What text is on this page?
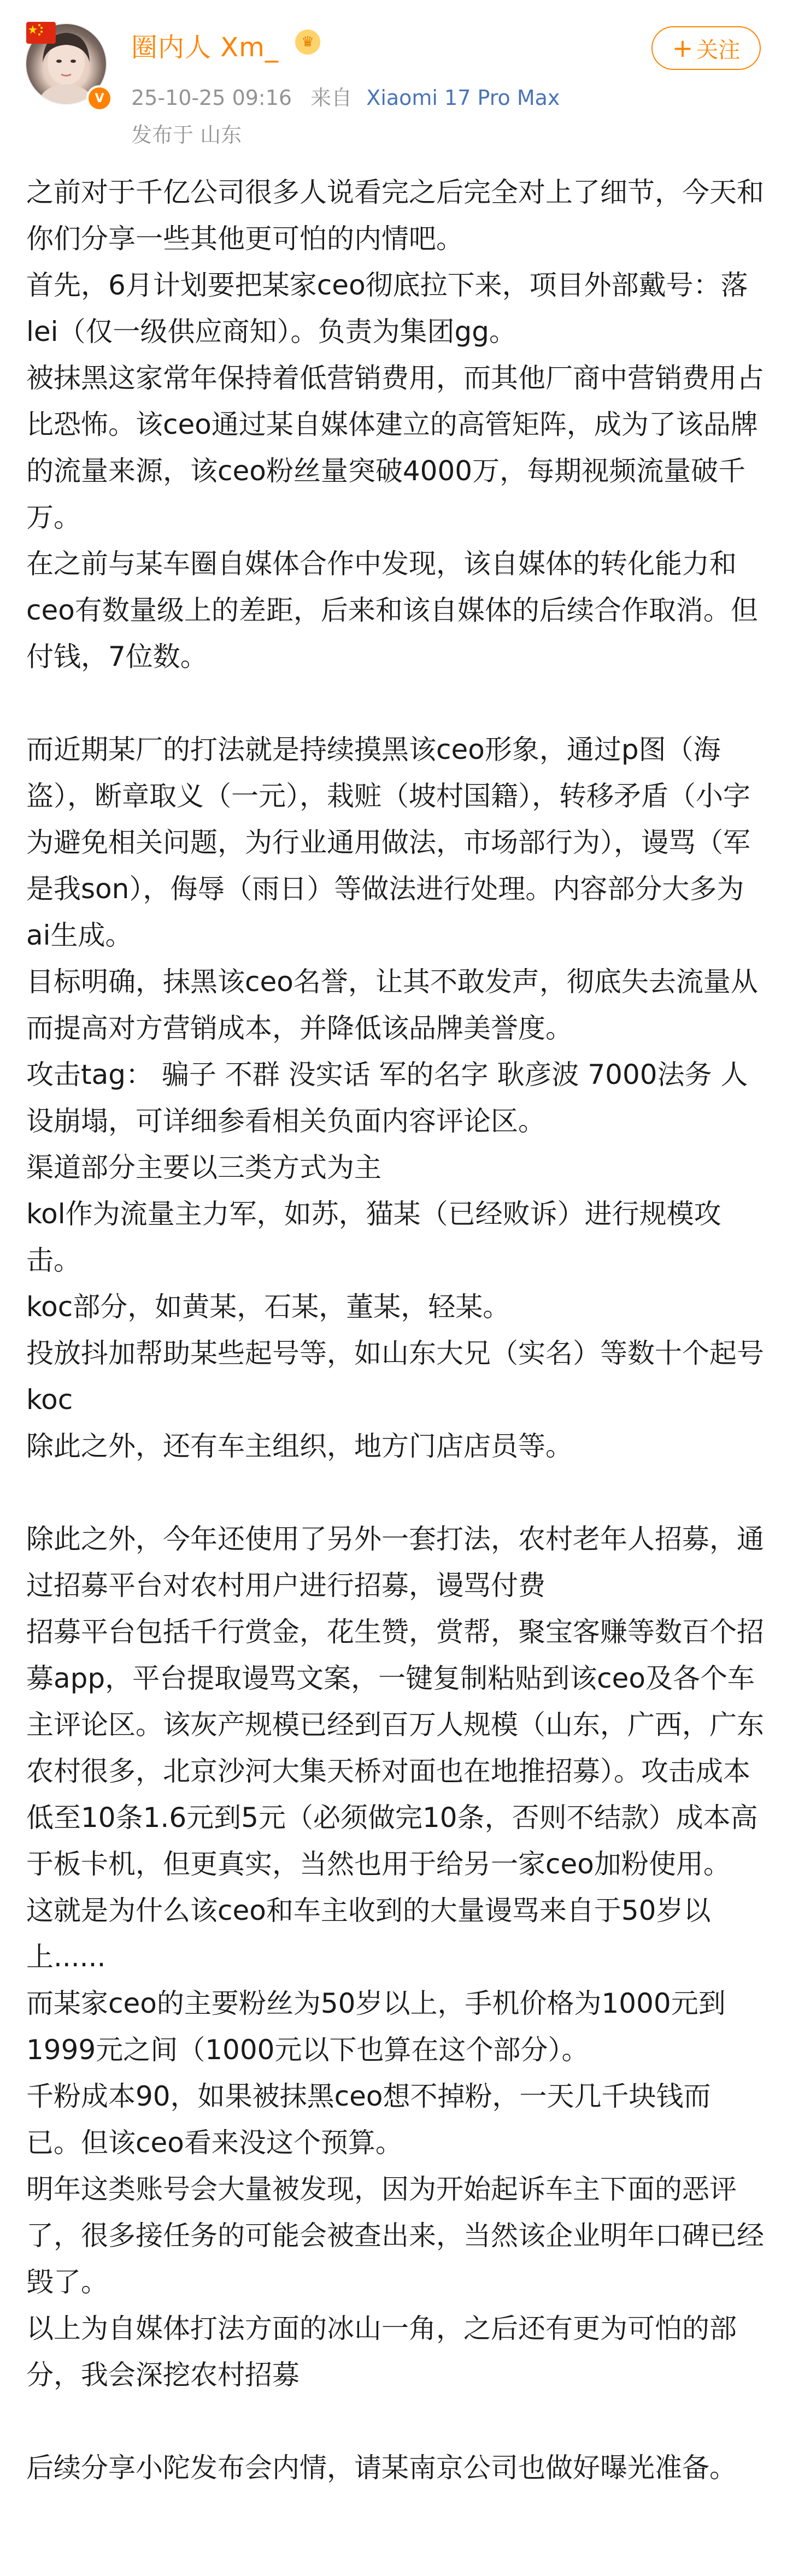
V
圈内人 Xm_	♛
25-10-25 09:16 来自 Xiaomi 17 Pro Max
发布于 山东
+ 关注

之前对于千亿公司很多人说看完之后完全对上了细节，今天和你们分享一些其他更可怕的内情吧。

首先，6月计划要把某家ceo彻底拉下来，项目外部戴号：落lei（仅一级供应商知）。负责为集团gg。

被抹黑这家常年保持着低营销费用，而其他厂商中营销费用占比恐怖。该ceo通过某自媒体建立的高管矩阵，成为了该品牌的流量来源，该ceo粉丝量突破4000万，每期视频流量破千万。

在之前与某车圈自媒体合作中发现，该自媒体的转化能力和ceo有数量级上的差距，后来和该自媒体的后续合作取消。但付钱，7位数。

而近期某厂的打法就是持续摸黑该ceo形象，通过p图（海盗），断章取义（一元），栽赃（坡村国籍），转移矛盾（小字为避免相关问题，为行业通用做法，市场部行为），谩骂（军是我son），侮辱（雨日）等做法进行处理。内容部分大多为ai生成。

目标明确，抹黑该ceo名誉，让其不敢发声，彻底失去流量从而提高对方营销成本，并降低该品牌美誉度。

攻击tag： 骗子 不群 没实话 军的名字 耿彦波 7000法务 人设崩塌，可详细参看相关负面内容评论区。

渠道部分主要以三类方式为主

kol作为流量主力军，如苏，猫某（已经败诉）进行规模攻击。

koc部分，如黄某，石某，董某，轻某。

投放抖加帮助某些起号等，如山东大兄（实名）等数十个起号koc

除此之外，还有车主组织，地方门店店员等。

除此之外，今年还使用了另外一套打法，农村老年人招募，通过招募平台对农村用户进行招募，谩骂付费

招募平台包括千行赏金，花生赞，赏帮，聚宝客赚等数百个招募app，平台提取谩骂文案，一键复制粘贴到该ceo及各个车主评论区。该灰产规模已经到百万人规模（山东，广西，广东农村很多，北京沙河大集天桥对面也在地推招募）。攻击成本低至10条1.6元到5元（必须做完10条，否则不结款）成本高于板卡机，但更真实，当然也用于给另一家ceo加粉使用。

这就是为什么该ceo和车主收到的大量谩骂来自于50岁以上......

而某家ceo的主要粉丝为50岁以上，手机价格为1000元到1999元之间（1000元以下也算在这个部分）。

千粉成本90，如果被抹黑ceo想不掉粉，一天几千块钱而已。但该ceo看来没这个预算。

明年这类账号会大量被发现，因为开始起诉车主下面的恶评了，很多接任务的可能会被查出来，当然该企业明年口碑已经毁了。

以上为自媒体打法方面的冰山一角，之后还有更为可怕的部分，我会深挖农村招募

后续分享小陀发布会内情，请某南京公司也做好曝光准备。
